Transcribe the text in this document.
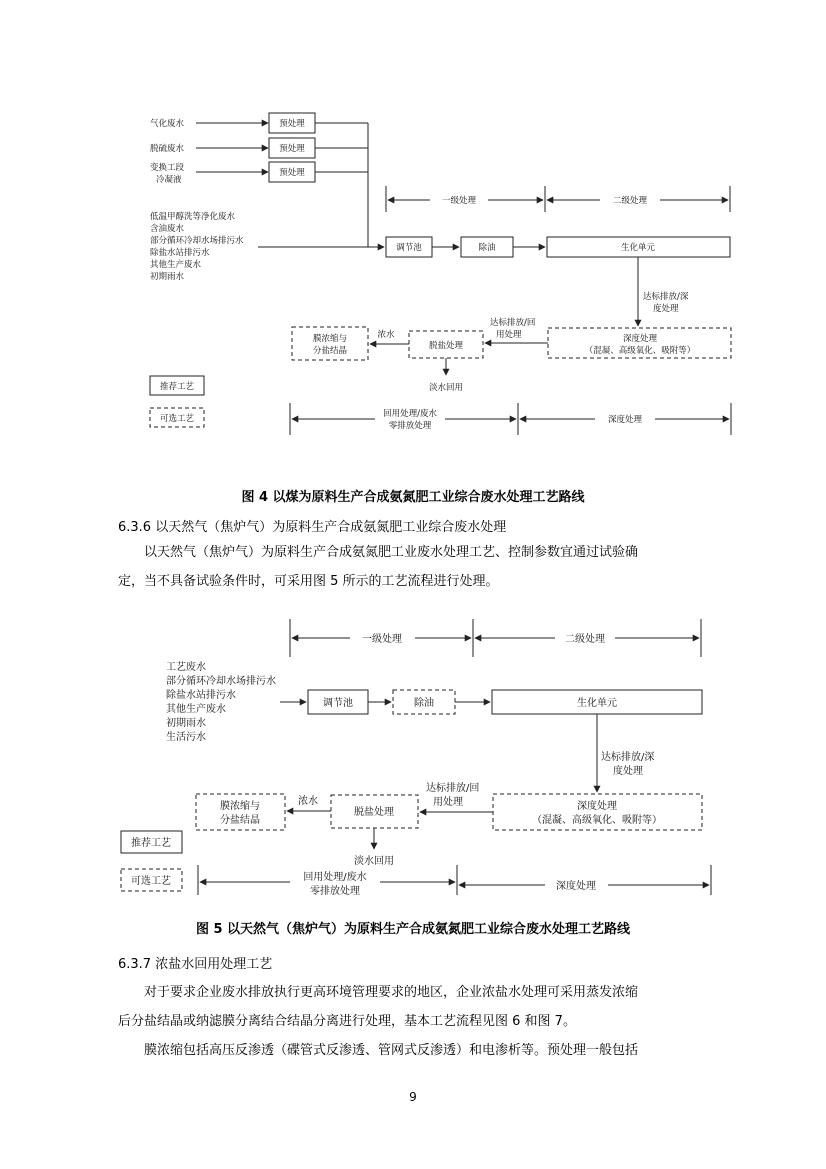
气化废水
脱硫废水
变换工段
冷凝液
预处理
预处理
预处理
低温甲醇洗等净化废水
含油废水
部分循环冷却水场排污水
除盐水站排污水
其他生产废水
初期雨水
一级处理	二级处理
调节池	除油	生化单元
达标排放/深
度处理
深度处理
（混凝、高级氧化、吸附等）
达标排放/回
用处理
脱盐处理
浓水
膜浓缩与
分盐结晶
淡水回用
推荐工艺
可选工艺	回用处理/废水
零排放处理
深度处理
一级处理	二级处理
工艺废水
部分循环冷却水场排污水
除盐水站排污水
其他生产废水
初期雨水
生活污水
调节池	除油	生化单元
达标排放/深
度处理
深度处理
（混凝、高级氧化、吸附等）
达标排放/回
用处理
脱盐处理
浓水
膜浓缩与
分盐结晶
淡水回用
推荐工艺
可选工艺	回用处理/废水
零排放处理	深度处理
图 4 以煤为原料生产合成氨氮肥工业综合废水处理工艺路线
6.3.6 以天然气（焦炉气）为原料生产合成氨氮肥工业综合废水处理
以天然气（焦炉气）为原料生产合成氨氮肥工业废水处理工艺、控制参数宜通过试验确
定，当不具备试验条件时，可采用图 5 所示的工艺流程进行处理。
图 5 以天然气（焦炉气）为原料生产合成氨氮肥工业综合废水处理工艺路线
6.3.7 浓盐水回用处理工艺
对于要求企业废水排放执行更高环境管理要求的地区，企业浓盐水处理可采用蒸发浓缩
后分盐结晶或纳滤膜分离结合结晶分离进行处理，基本工艺流程见图 6 和图 7。
膜浓缩包括高压反渗透（碟管式反渗透、管网式反渗透）和电渗析等。预处理一般包括
9
